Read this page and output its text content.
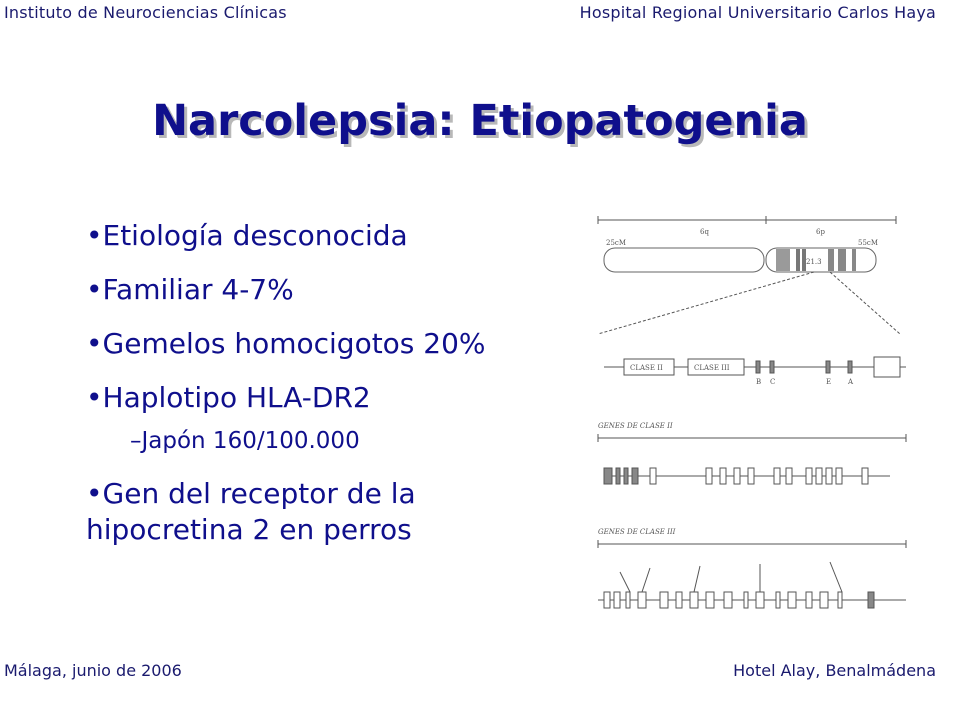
Instituto de Neurociencias Clínicas	Hospital Regional Universitario Carlos Haya
Narcolepsia: Etiopatogenia
•Etiología desconocida
•Familiar 4-7%
•Gemelos homocigotos 20%
•Haplotipo HLA-DR2
–Japón 160/100.000
•Gen del receptor de la hipocretina 2 en perros
6q	6p
25cM	55cM
21.3
CLASE II	CLASE III
B C	E A
GENES DE CLASE II
GENES DE CLASE III
Málaga, junio de 2006	Hotel Alay, Benalmádena
